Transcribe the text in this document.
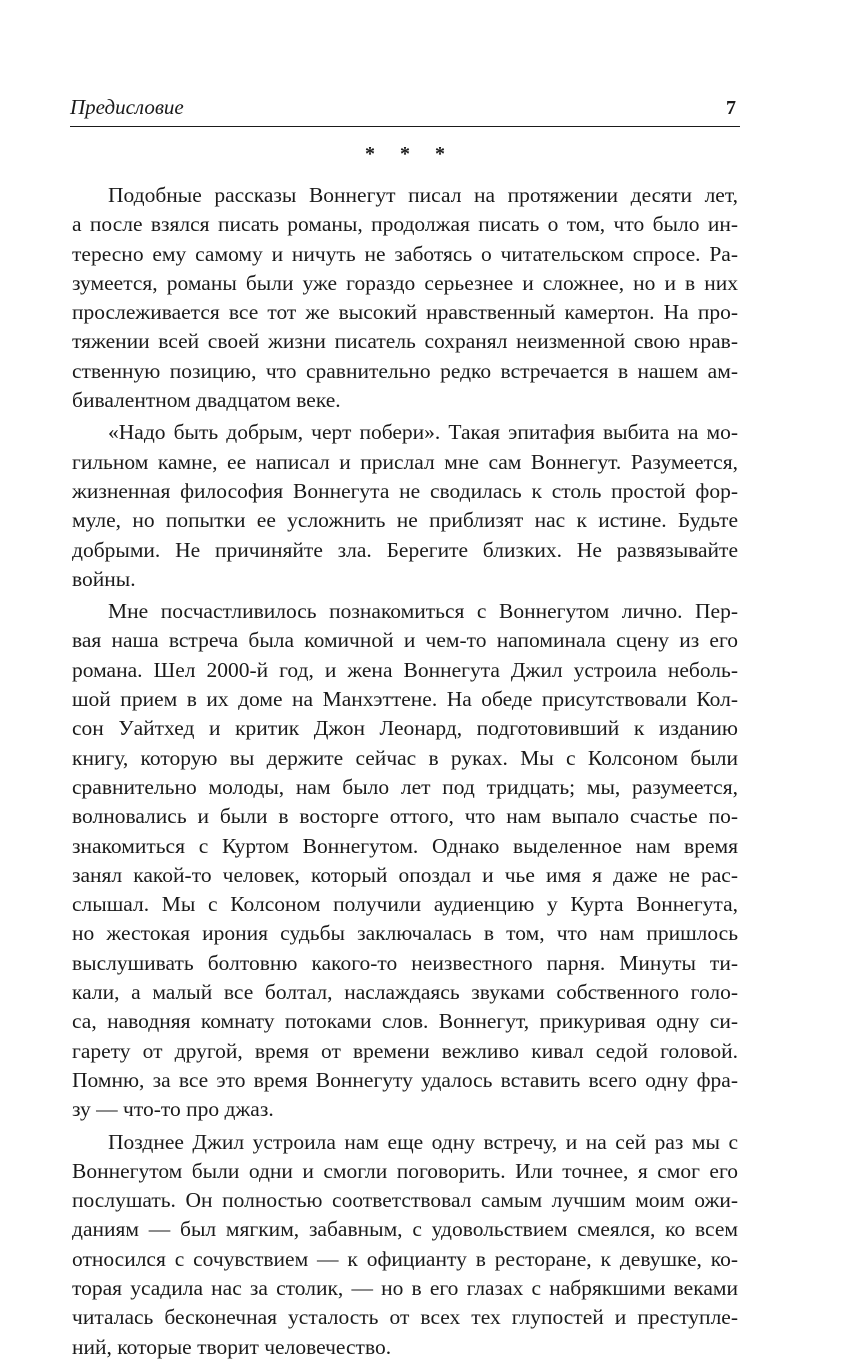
Предисловие	7
* * *
Подобные рассказы Воннегут писал на протяжении десяти лет,
а после взялся писать романы, продолжая писать о том, что было ин-
тересно ему самому и ничуть не заботясь о читательском спросе. Ра-
зумеется, романы были уже гораздо серьезнее и сложнее, но и в них
прослеживается все тот же высокий нравственный камертон. На про-
тяжении всей своей жизни писатель сохранял неизменной свою нрав-
ственную позицию, что сравнительно редко встречается в нашем ам-
бивалентном двадцатом веке.
«Надо быть добрым, черт побери». Такая эпитафия выбита на мо-
гильном камне, ее написал и прислал мне сам Воннегут. Разумеется,
жизненная философия Воннегута не сводилась к столь простой фор-
муле, но попытки ее усложнить не приблизят нас к истине. Будьте
добрыми. Не причиняйте зла. Берегите близких. Не развязывайте
войны.
Мне посчастливилось познакомиться с Воннегутом лично. Пер-
вая наша встреча была комичной и чем-то напоминала сцену из его
романа. Шел 2000-й год, и жена Воннегута Джил устроила неболь-
шой прием в их доме на Манхэттене. На обеде присутствовали Кол-
сон Уайтхед и критик Джон Леонард, подготовивший к изданию
книгу, которую вы держите сейчас в руках. Мы с Колсоном были
сравнительно молоды, нам было лет под тридцать; мы, разумеется,
волновались и были в восторге оттого, что нам выпало счастье по-
знакомиться с Куртом Воннегутом. Однако выделенное нам время
занял какой-то человек, который опоздал и чье имя я даже не рас-
слышал. Мы с Колсоном получили аудиенцию у Курта Воннегута,
но жестокая ирония судьбы заключалась в том, что нам пришлось
выслушивать болтовню какого-то неизвестного парня. Минуты ти-
кали, а малый все болтал, наслаждаясь звуками собственного голо-
са, наводняя комнату потоками слов. Воннегут, прикуривая одну си-
гарету от другой, время от времени вежливо кивал седой головой.
Помню, за все это время Воннегуту удалось вставить всего одну фра-
зу — что-то про джаз.
Позднее Джил устроила нам еще одну встречу, и на сей раз мы с
Воннегутом были одни и смогли поговорить. Или точнее, я смог его
послушать. Он полностью соответствовал самым лучшим моим ожи-
даниям — был мягким, забавным, с удовольствием смеялся, ко всем
относился с сочувствием — к официанту в ресторане, к девушке, ко-
торая усадила нас за столик, — но в его глазах с набрякшими веками
читалась бесконечная усталость от всех тех глупостей и преступле-
ний, которые творит человечество.
